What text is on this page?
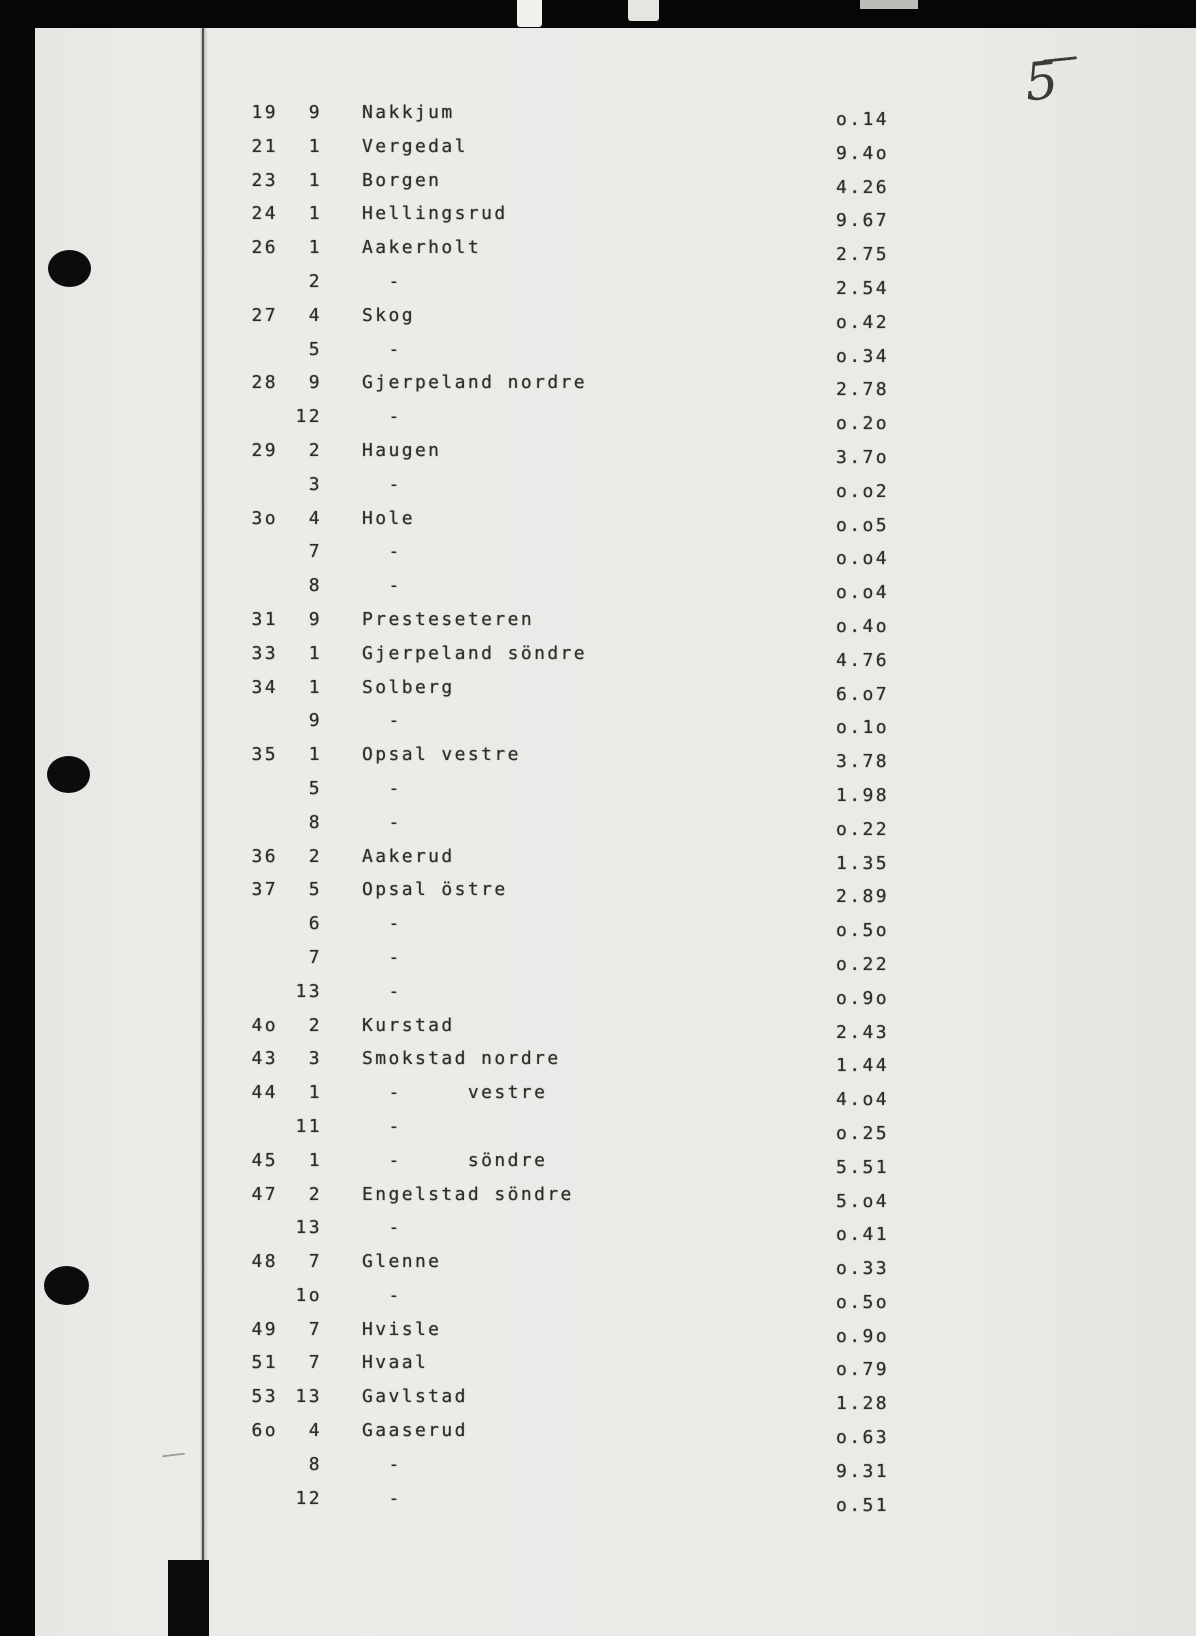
5
19 9 Nakkjum	o.14
21 1 Vergedal	9.4o
23 1 Borgen	4.26
24 1 Hellingsrud	9.67
26 1 Aakerholt	2.75
2  -	2.54
27 4 Skog	o.42
5  -	o.34
28 9 Gjerpeland nordre	2.78
12  -	o.2o
29 2 Haugen	3.7o
3  -	o.o2
3o 4 Hole	o.o5
7  -	o.o4
8  -	o.o4
31 9 Presteseteren	o.4o
33 1 Gjerpeland söndre	4.76
34 1 Solberg	6.o7
9  -	o.1o
35 1 Opsal vestre	3.78
5  -	1.98
8  -	o.22
36 2 Aakerud	1.35
37 5 Opsal östre	2.89
6  -	o.5o
7  -	o.22
13  -	o.9o
4o 2 Kurstad	2.43
43 3 Smokstad nordre	1.44
44 1  -     vestre	4.o4
11  -	o.25
45 1  -     söndre	5.51
47 2 Engelstad söndre	5.o4
13  -	o.41
48 7 Glenne	o.33
1o  -	o.5o
49 7 Hvisle	o.9o
51 7 Hvaal	o.79
53 13 Gavlstad	1.28
6o 4 Gaaserud	o.63
8  -	9.31
12  -	o.51
